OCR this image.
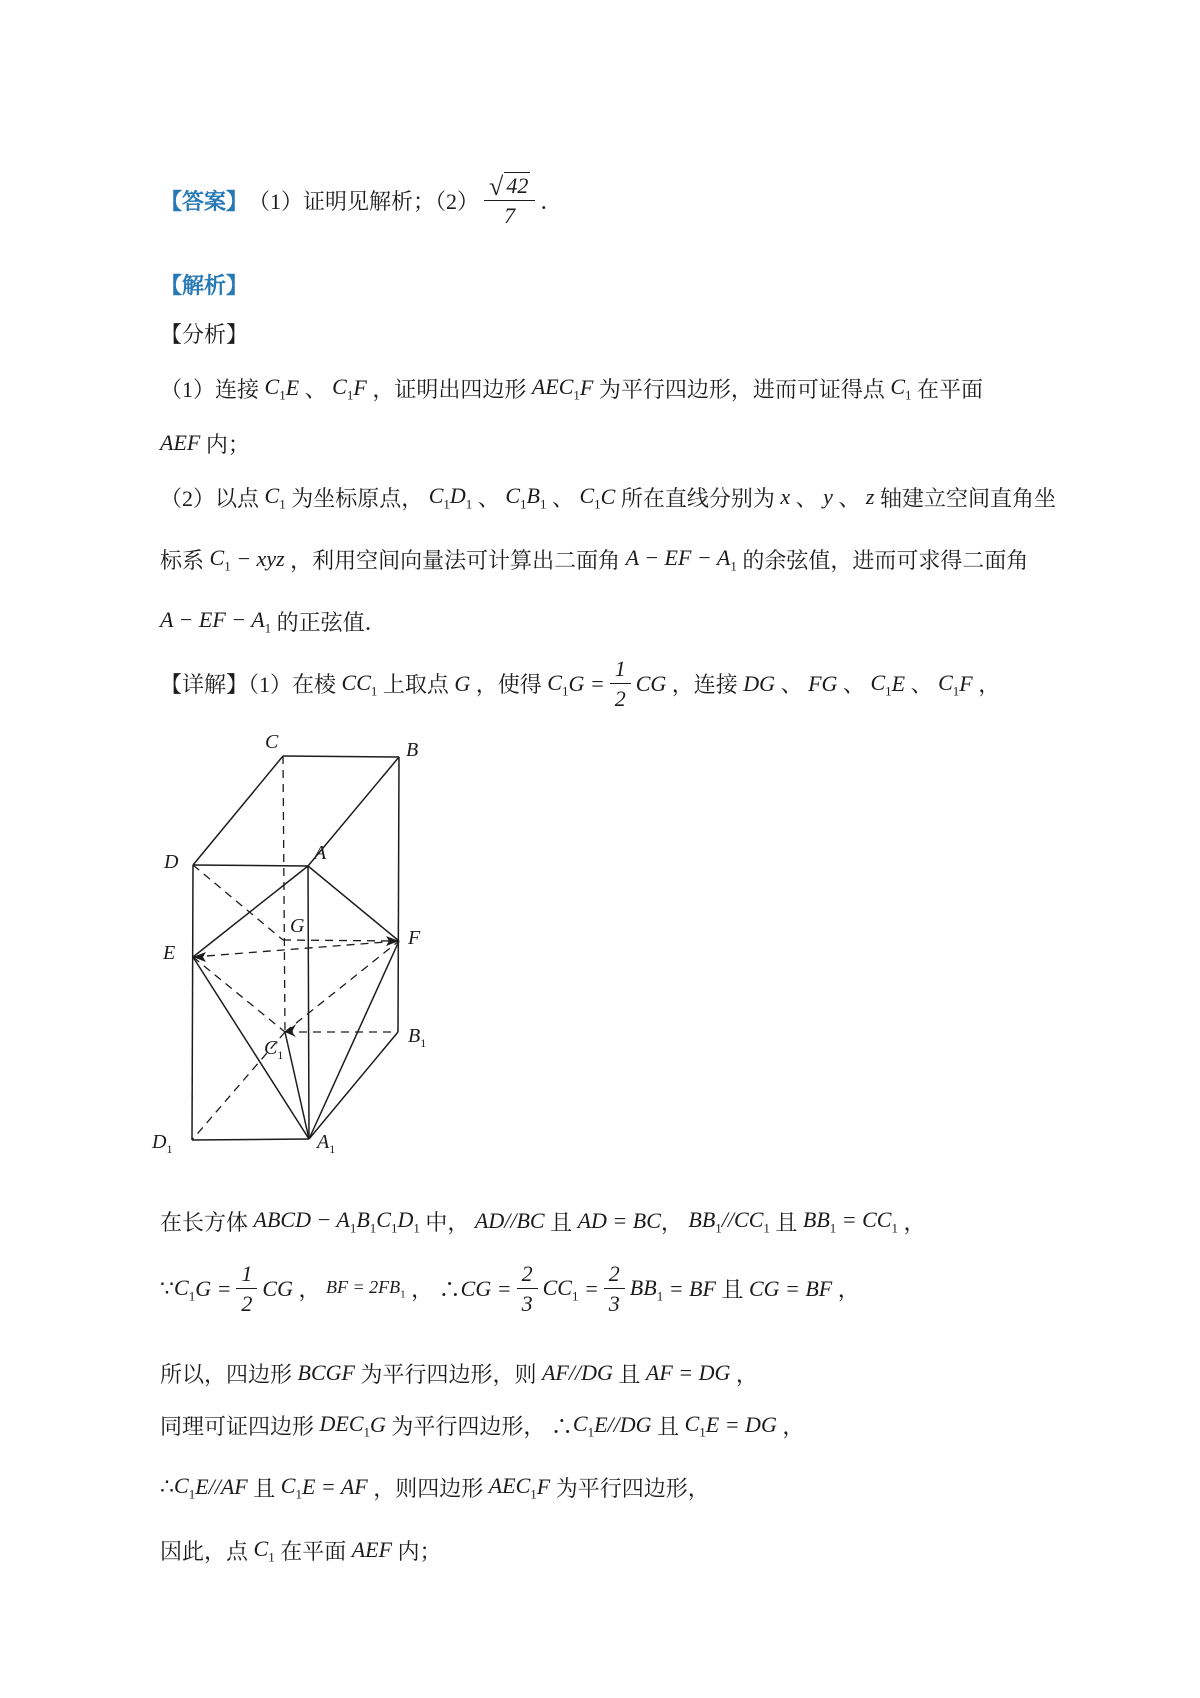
【答案】 （1）证明见解析；$(2) \frac{√ 42}{7}$ ．

【解析】

【分析】

（1）连接 $C_1$ E 、 $C_1$ F ，证明出四边形 $AEC_1$ F 为平行四边形，进而可证得点 $C_1$ 在平面

AEF 内；

（2）以点 $C_1$ 为坐标原点， $C_1$ $D_1$ 、 $C_1$ $B_1$ 、 $C_1$ C 所在直线分别为 x 、 y 、 z 轴建立空间直角坐

标系 $C_1$ − xyz ，利用空间向量法可计算出二面角 A − EF − $A_1$ 的余弦值，进而可求得二面角

A − EF − $A_1$ 的正弦值．

【详解】（1）在棱 $CC_1$ 上取点 G ，使得 $C_1$ $G = \frac{1}{2}$ CG ，连接 DG 、 FG 、 $C_1$ E 、 $C_1$ F ，

C	B
D	A
G
F
E
$C_1$
$B_1$
$D_1$	$A_1$

在长方体 ABCD − $A_1$ $B_1$ $C_1$ $D_1$ 中， AD // BC 且 AD = BC ， $BB_1$ $//CC_1$ 且 $BB_1 = CC_1$ ，

∵ $C_1$ $G = \frac{1}{2}$ CG ， BF = $2FB_1$ ， ∴ CG = $\frac{2}{3} CC_1 = \frac{2}{3} BB_1$ = BF 且 CG = BF ，

所以，四边形 BCGF 为平行四边形，则 AF // DG 且 AF = DG ，

同理可证四边形 $DEC_1$ G 为平行四边形， ∴ $C_1$ E//DG 且 $C_1$ E = DG ，

∴ $C_1$ E//AF 且 $C_1$ E = AF ，则四边形 $AEC_1$ F 为平行四边形，

因此，点 $C_1$ 在平面 AEF 内；
